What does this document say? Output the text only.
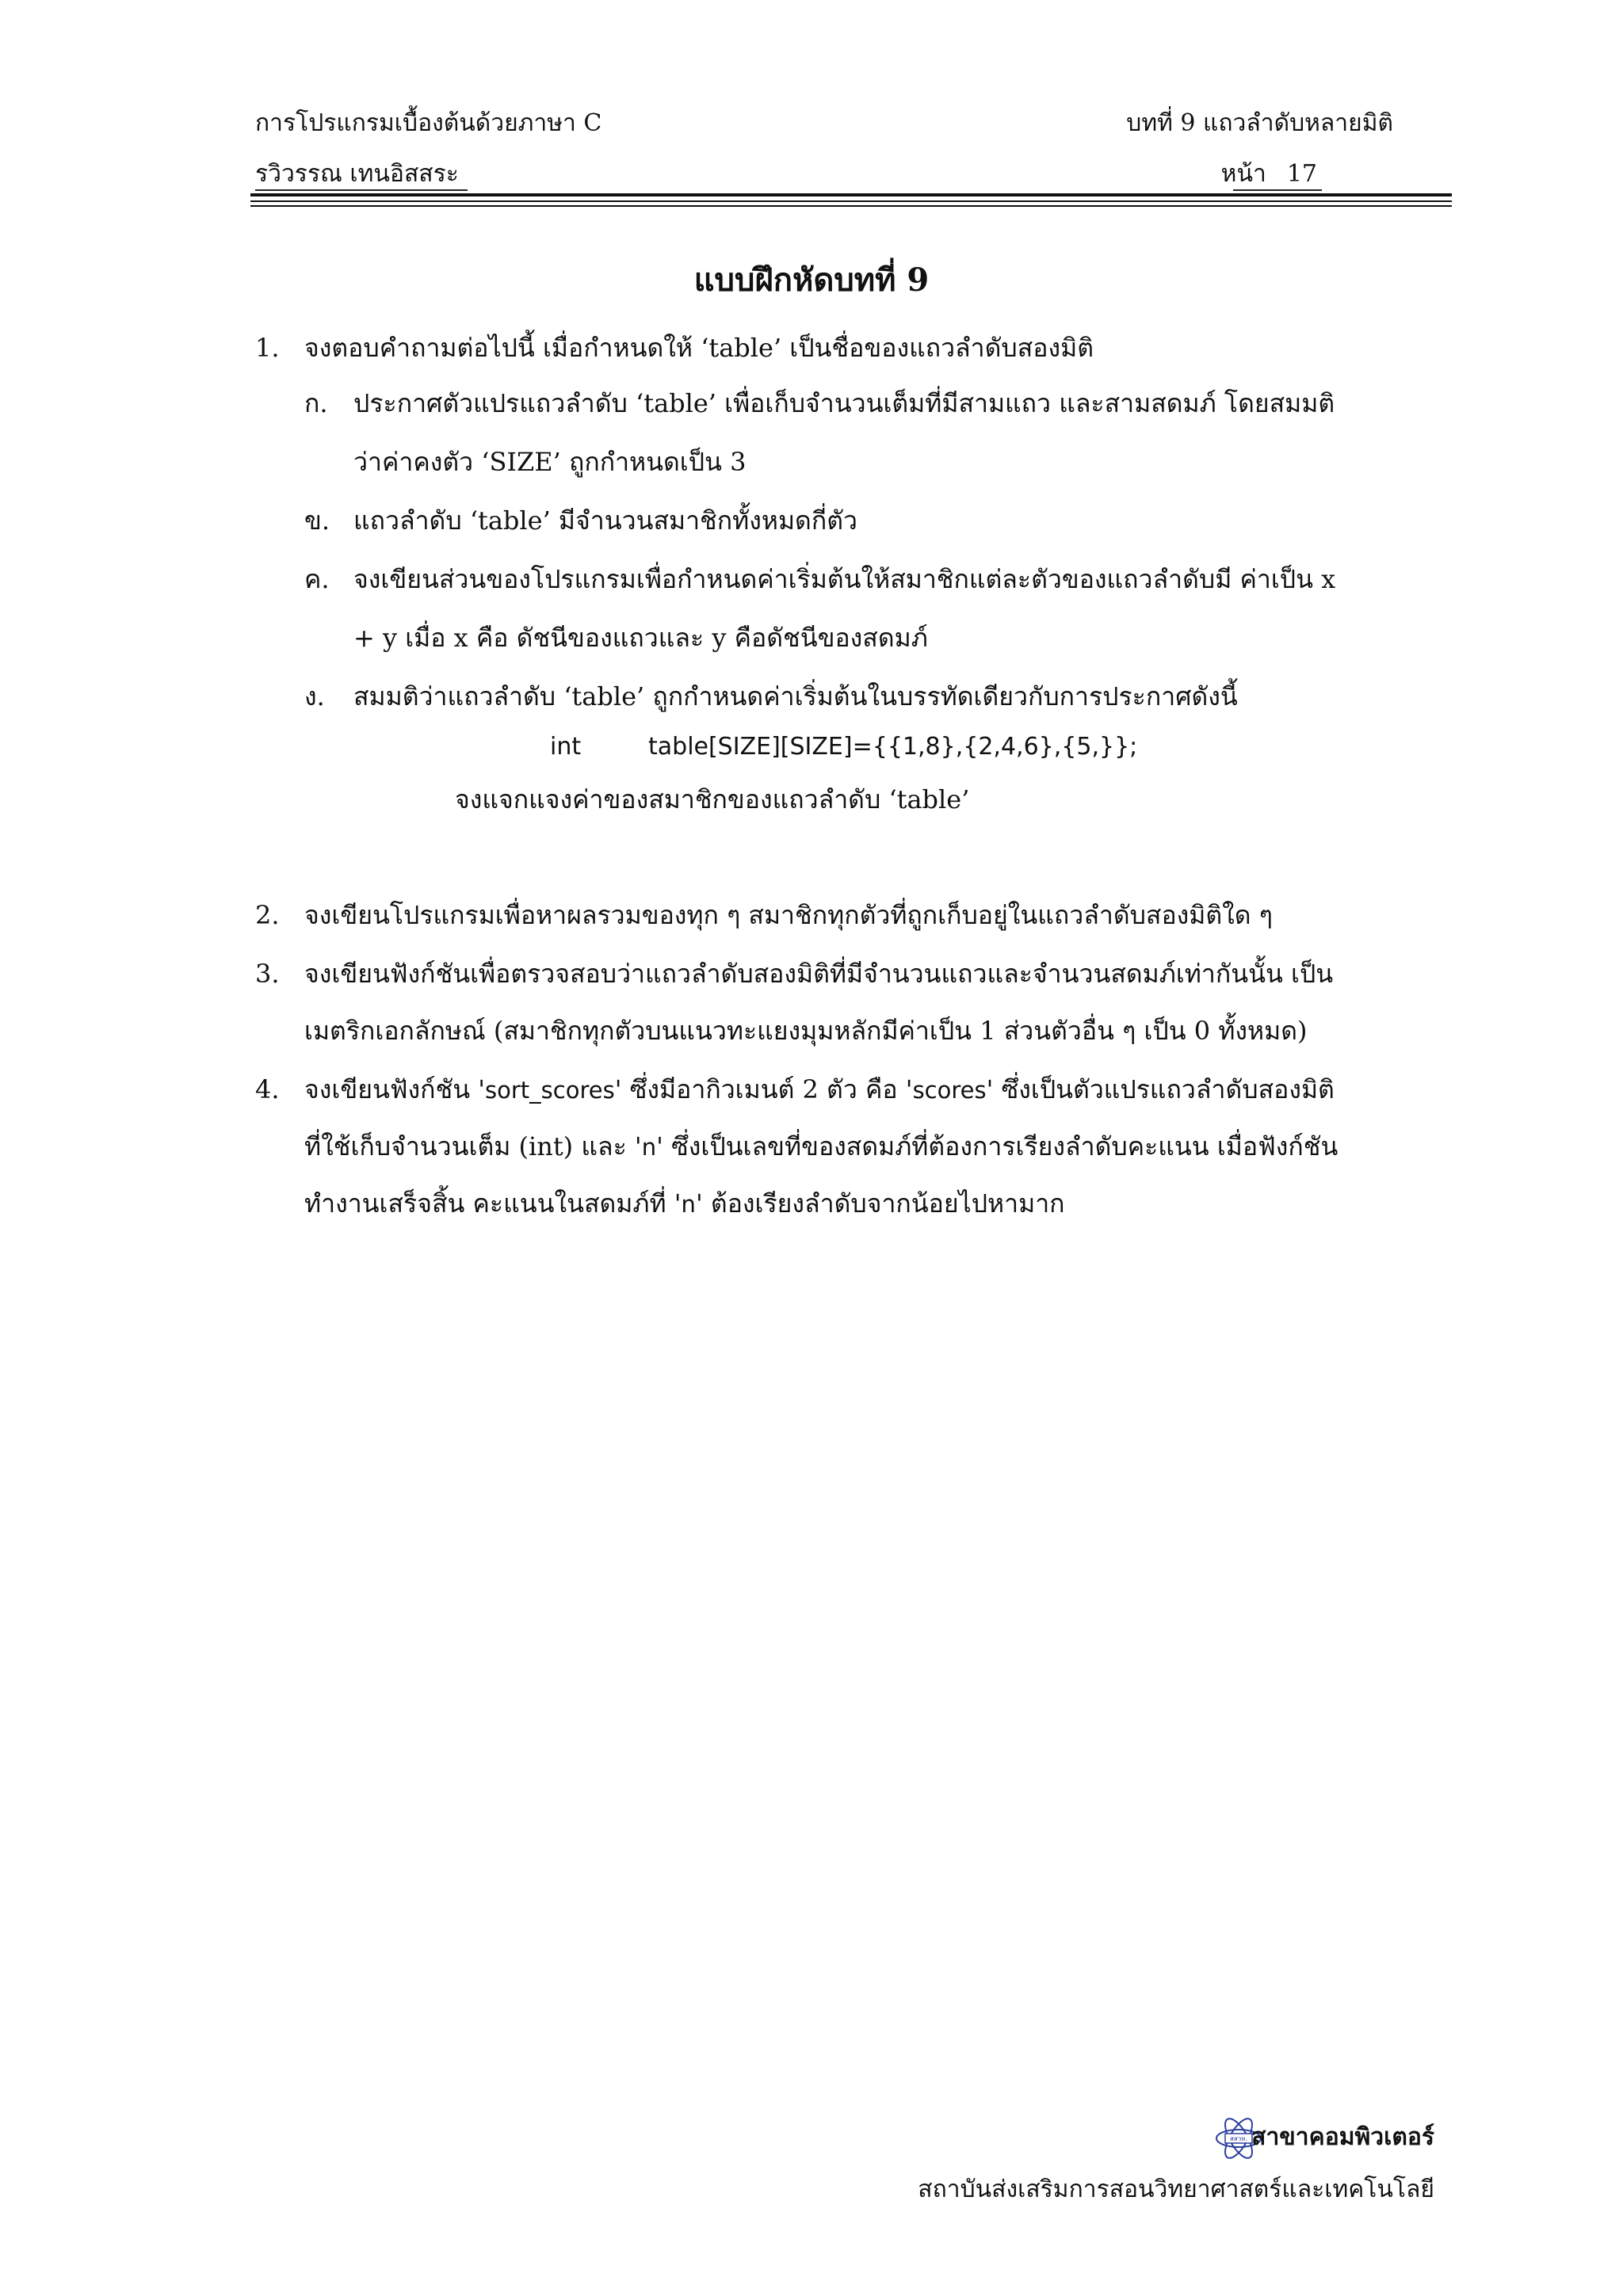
การโปรแกรมเบื้องต้นด้วยภาษา C	บทที่ 9 แถวลำดับหลายมิติ
รวิวรรณ เทนอิสสระ	หน้า 17
แบบฝึกหัดบทที่ 9
1. จงตอบคำถามต่อไปนี้ เมื่อกำหนดให้ ‘table’ เป็นชื่อของแถวลำดับสองมิติ
ก. ประกาศตัวแปรแถวลำดับ ‘table’ เพื่อเก็บจำนวนเต็มที่มีสามแถว และสามสดมภ์ โดยสมมติ
ว่าค่าคงตัว ‘SIZE’ ถูกกำหนดเป็น 3
ข. แถวลำดับ ‘table’ มีจำนวนสมาชิกทั้งหมดกี่ตัว
ค. จงเขียนส่วนของโปรแกรมเพื่อกำหนดค่าเริ่มต้นให้สมาชิกแต่ละตัวของแถวลำดับมี ค่าเป็น x
+ y เมื่อ x คือ ดัชนีของแถวและ y คือดัชนีของสดมภ์
ง. สมมติว่าแถวลำดับ ‘table’ ถูกกำหนดค่าเริ่มต้นในบรรทัดเดียวกับการประกาศดังนี้
int	table[SIZE][SIZE]={{1,8},{2,4,6},{5,}};
จงแจกแจงค่าของสมาชิกของแถวลำดับ ‘table’
2. จงเขียนโปรแกรมเพื่อหาผลรวมของทุก ๆ สมาชิกทุกตัวที่ถูกเก็บอยู่ในแถวลำดับสองมิติใด ๆ
3. จงเขียนฟังก์ชันเพื่อตรวจสอบว่าแถวลำดับสองมิติที่มีจำนวนแถวและจำนวนสดมภ์เท่ากันนั้น เป็น
เมตริกเอกลักษณ์ (สมาชิกทุกตัวบนแนวทะแยงมุมหลักมีค่าเป็น 1 ส่วนตัวอื่น ๆ เป็น 0 ทั้งหมด)
4. จงเขียนฟังก์ชัน 'sort_scores' ซึ่งมีอากิวเมนต์ 2 ตัว คือ 'scores' ซึ่งเป็นตัวแปรแถวลำดับสองมิติ
ที่ใช้เก็บจำนวนเต็ม (int) และ 'n' ซึ่งเป็นเลขที่ของสดมภ์ที่ต้องการเรียงลำดับคะแนน เมื่อฟังก์ชัน
ทำงานเสร็จสิ้น คะแนนในสดมภ์ที่ 'n' ต้องเรียงลำดับจากน้อยไปหามาก
สสวท. สาขาคอมพิวเตอร์
สถาบันส่งเสริมการสอนวิทยาศาสตร์และเทคโนโลยี
